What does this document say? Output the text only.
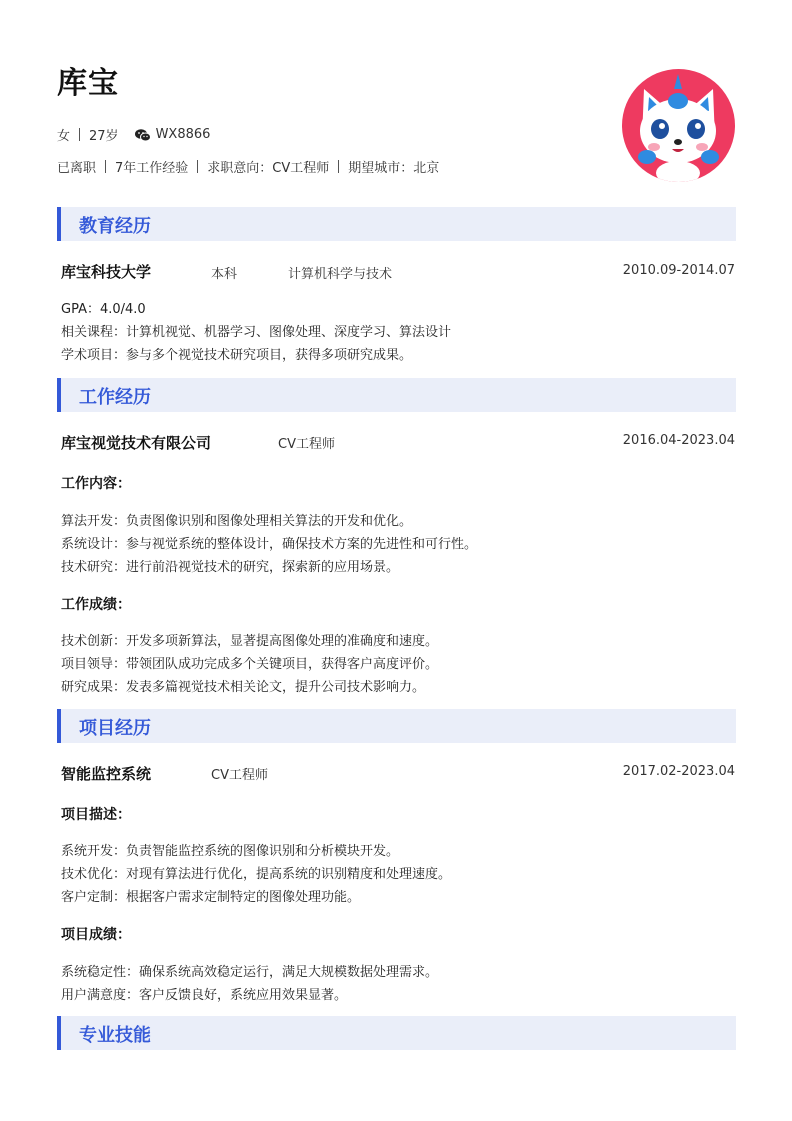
库宝
女 27岁	WX8866
已离职 7年工作经验 求职意向：CV工程师 期望城市：北京
教育经历
库宝科技大学	本科	计算机科学与技术	2010.09-2014.07
GPA：4.0/4.0
相关课程：计算机视觉、机器学习、图像处理、深度学习、算法设计
学术项目：参与多个视觉技术研究项目，获得多项研究成果。
工作经历
库宝视觉技术有限公司	CV工程师	2016.04-2023.04
工作内容：
算法开发：负责图像识别和图像处理相关算法的开发和优化。
系统设计：参与视觉系统的整体设计，确保技术方案的先进性和可行性。
技术研究：进行前沿视觉技术的研究，探索新的应用场景。
工作成绩：
技术创新：开发多项新算法，显著提高图像处理的准确度和速度。
项目领导：带领团队成功完成多个关键项目，获得客户高度评价。
研究成果：发表多篇视觉技术相关论文，提升公司技术影响力。
项目经历
智能监控系统	CV工程师	2017.02-2023.04
项目描述：
系统开发：负责智能监控系统的图像识别和分析模块开发。
技术优化：对现有算法进行优化，提高系统的识别精度和处理速度。
客户定制：根据客户需求定制特定的图像处理功能。
项目成绩：
系统稳定性：确保系统高效稳定运行，满足大规模数据处理需求。
用户满意度：客户反馈良好，系统应用效果显著。
专业技能
